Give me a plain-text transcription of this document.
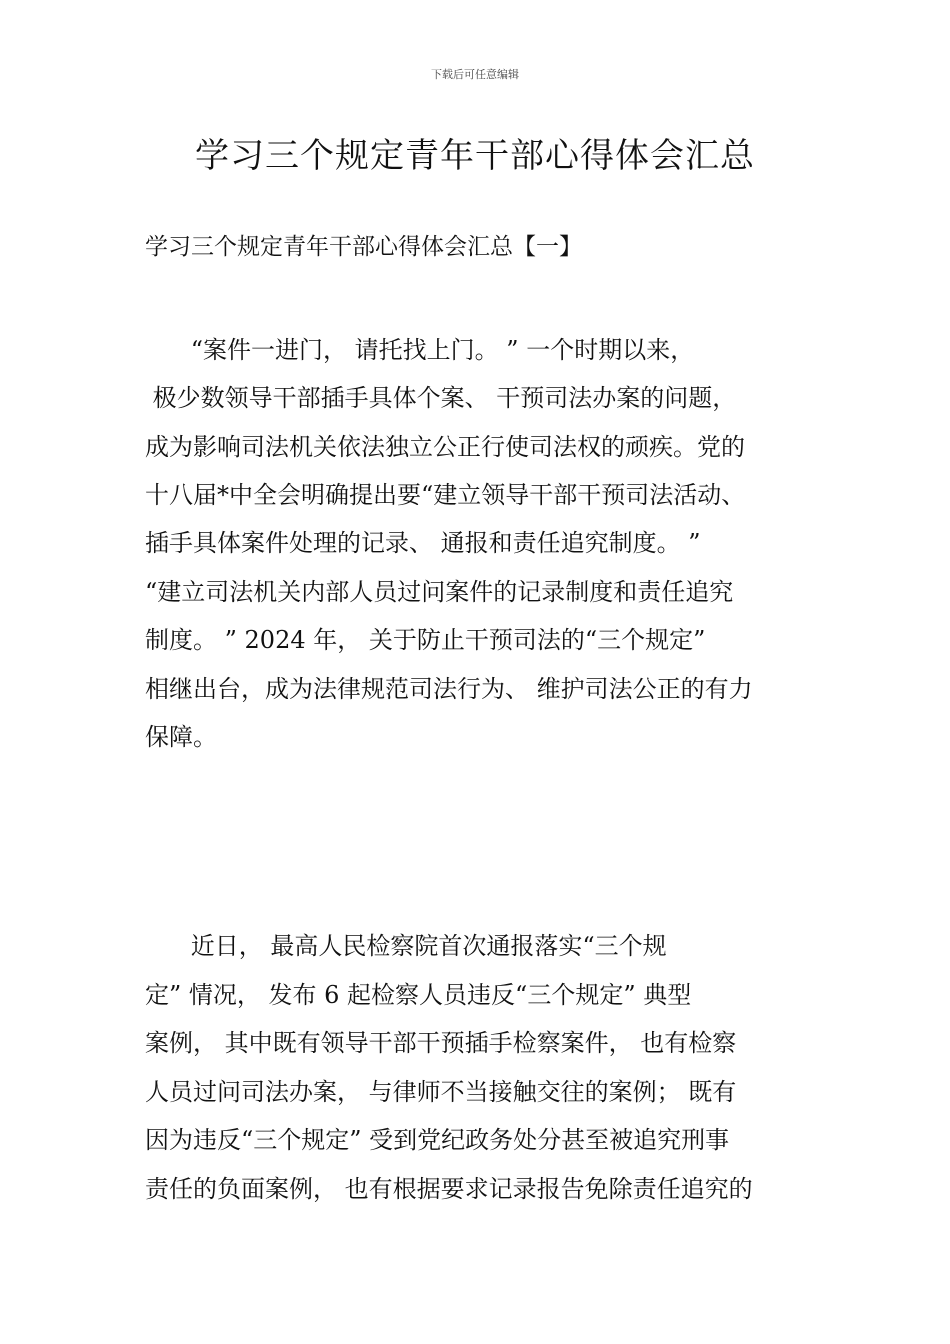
下载后可任意编辑
学习三个规定青年干部心得体会汇总
学习三个规定青年干部心得体会汇总【一】
“案件一进门， 请托找上门。 ” 一个时期以来，
极少数领导干部插手具体个案、 干预司法办案的问题，
成为影响司法机关依法独立公正行使司法权的顽疾。党的
十八届*中全会明确提出要“建立领导干部干预司法活动、
插手具体案件处理的记录、 通报和责任追究制度。 ”
“建立司法机关内部人员过问案件的记录制度和责任追究
制度。 ” 2024 年， 关于防止干预司法的“三个规定”
相继出台，成为法律规范司法行为、 维护司法公正的有力
保障。
近日， 最高人民检察院首次通报落实“三个规
定” 情况， 发布 6 起检察人员违反“三个规定” 典型
案例， 其中既有领导干部干预插手检察案件， 也有检察
人员过问司法办案， 与律师不当接触交往的案例； 既有
因为违反“三个规定” 受到党纪政务处分甚至被追究刑事
责任的负面案例， 也有根据要求记录报告免除责任追究的
